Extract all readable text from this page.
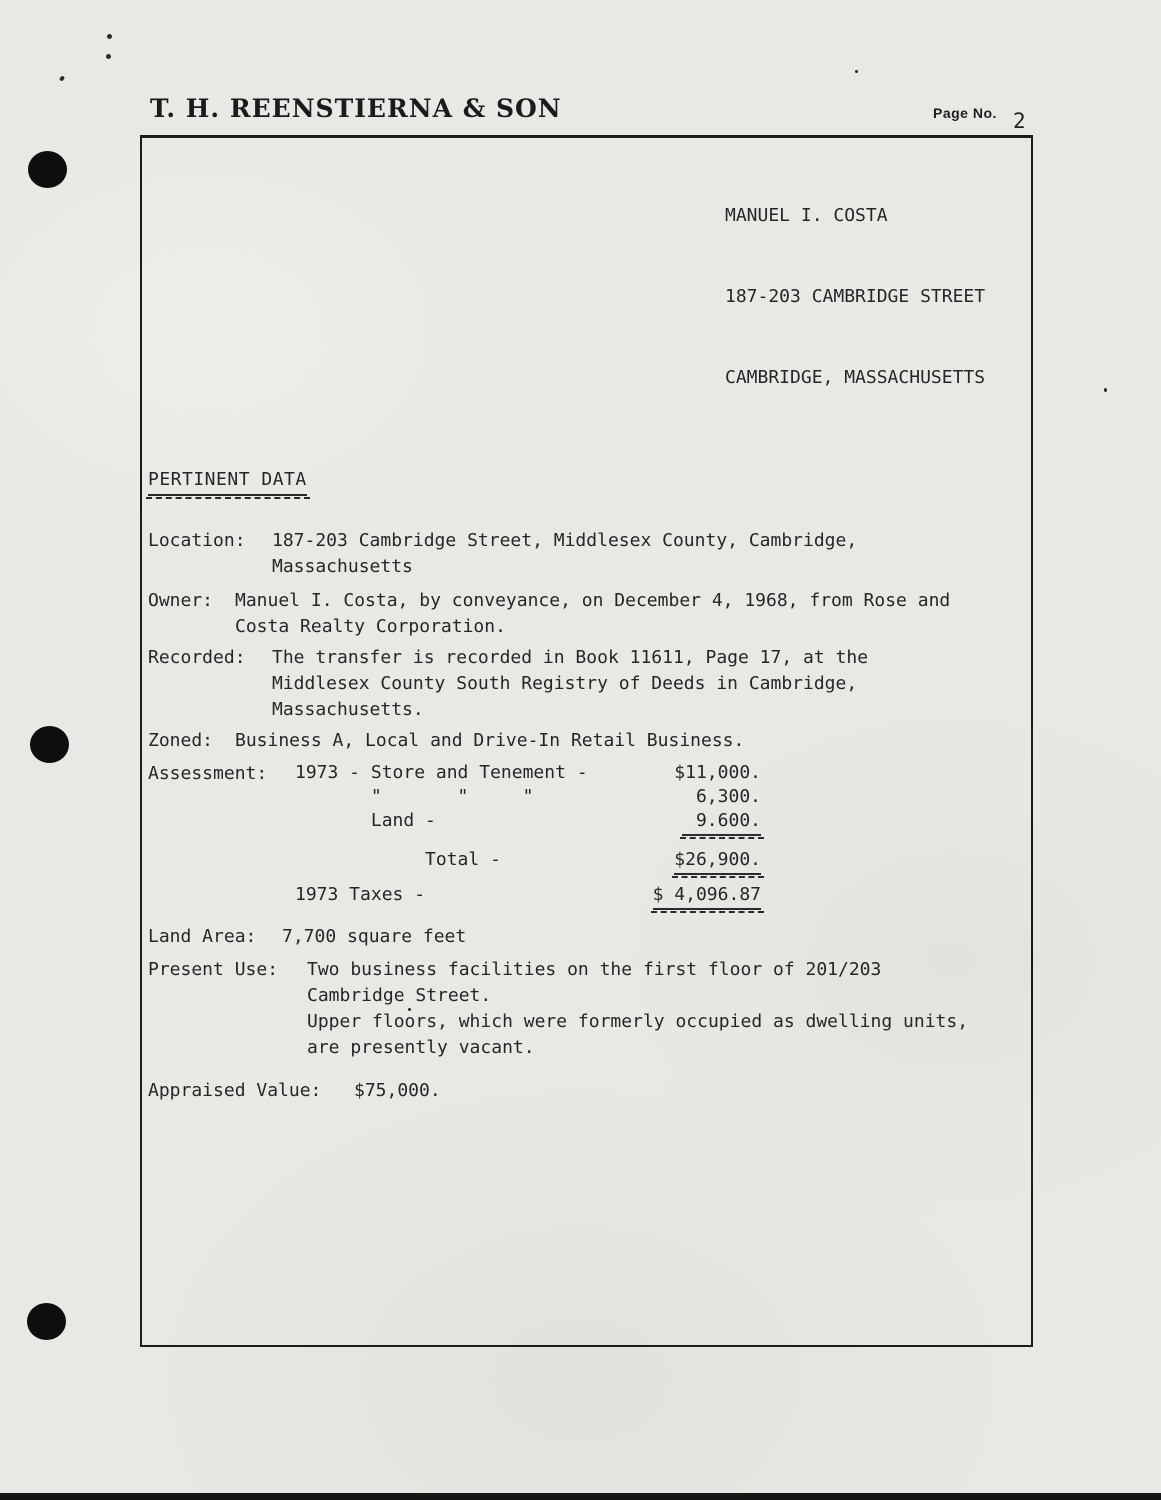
T. H. REENSTIERNA & SON	Page No. 2

MANUEL I. COSTA

187-203 CAMBRIDGE STREET

CAMBRIDGE, MASSACHUSETTS

PERTINENT DATA
Location:	187-203 Cambridge Street, Middlesex County, Cambridge,
Massachusetts
Owner:	Manuel I. Costa, by conveyance, on December 4, 1968, from Rose and
Costa Realty Corporation.
Recorded:	The transfer is recorded in Book 11611, Page 17, at the
Middlesex County South Registry of Deeds in Cambridge,
Massachusetts.
Zoned:	Business A, Local and Drive-In Retail Business.
Assessment:	1973 - Store and Tenement -	$11,000.
"       "     "	6,300.
Land -	9.600.
Total -	$26,900.
1973 Taxes -	$ 4,096.87
Land Area:	7,700 square feet
Present Use:	Two business facilities on the first floor of 201/203
Cambridge Street.
Upper floors, which were formerly occupied as dwelling units,
are presently vacant.
Appraised Value:	$75,000.
